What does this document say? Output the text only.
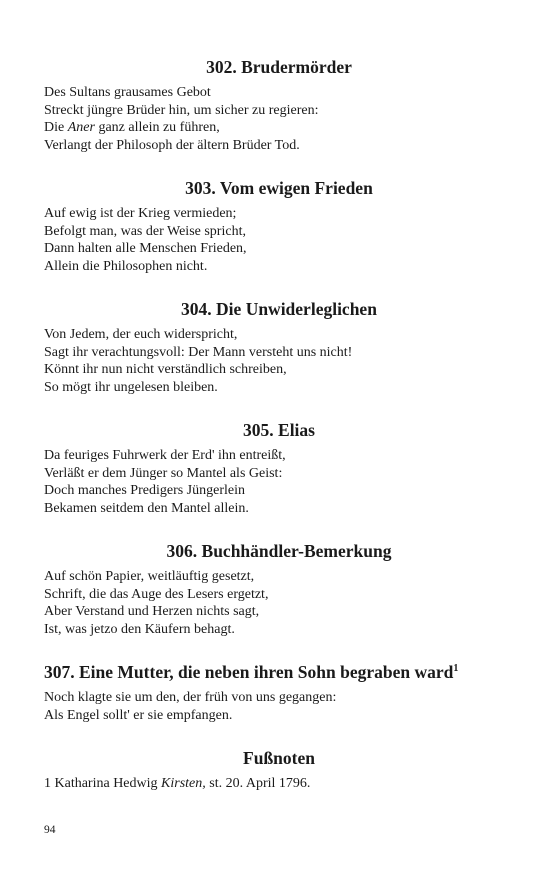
302. Brudermörder
Des Sultans grausames Gebot
Streckt jüngre Brüder hin, um sicher zu regieren:
Die Aner ganz allein zu führen,
Verlangt der Philosoph der ältern Brüder Tod.
303. Vom ewigen Frieden
Auf ewig ist der Krieg vermieden;
Befolgt man, was der Weise spricht,
Dann halten alle Menschen Frieden,
Allein die Philosophen nicht.
304. Die Unwiderleglichen
Von Jedem, der euch widerspricht,
Sagt ihr verachtungsvoll: Der Mann versteht uns nicht!
Könnt ihr nun nicht verständlich schreiben,
So mögt ihr ungelesen bleiben.
305. Elias
Da feuriges Fuhrwerk der Erd' ihn entreißt,
Verläßt er dem Jünger so Mantel als Geist:
Doch manches Predigers Jüngerlein
Bekamen seitdem den Mantel allein.
306. Buchhändler-Bemerkung
Auf schön Papier, weitläuftig gesetzt,
Schrift, die das Auge des Lesers ergetzt,
Aber Verstand und Herzen nichts sagt,
Ist, was jetzo den Käufern behagt.
307. Eine Mutter, die neben ihren Sohn begraben ward$^1$
Noch klagte sie um den, der früh von uns gegangen:
Als Engel sollt' er sie empfangen.
Fußnoten
1 Katharina Hedwig Kirsten, st. 20. April 1796.
94
